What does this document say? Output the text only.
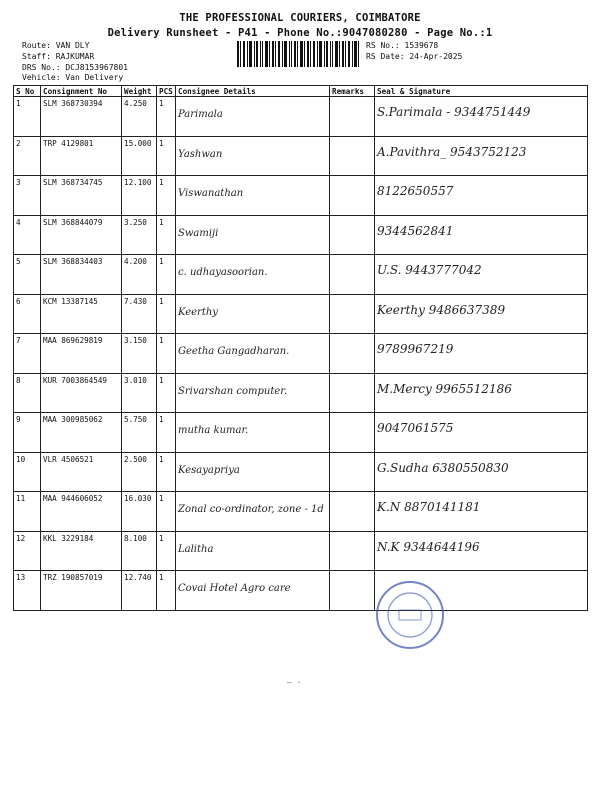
THE PROFESSIONAL COURIERS, COIMBATORE
Delivery Runsheet - P41 - Phone No.:9047080280 - Page No.:1
Route: VAN DLY
Staff: RAJKUMAR
DRS No.: DCJ8153967801
Vehicle: Van Delivery
RS No.: 1539678
RS Date: 24-Apr-2025
S No	Consignment No	Weight	PCS	Consignee Details	Remarks	Seal & Signature
1	SLM 368730394	4.250	1	Parimala		S.Parimala - 9344751449

2	TRP 4129801	15.000	1	Yashwan		A.Pavithra_ 9543752123

3	SLM 368734745	12.100	1	Viswanathan		8122650557

4	SLM 368844079	3.250	1	Swamiji		9344562841

5	SLM 368834403	4.200	1	c. udhayasoorian.		U.S. 9443777042

6	KCM 13387145	7.430	1	Keerthy		Keerthy 9486637389

7	MAA 869629819	3.150	1	Geetha Gangadharan.		9789967219

8	KUR 7003864549	3.010	1	Srivarshan computer.		M.Mercy 9965512186

9	MAA 300985062	5.750	1	mutha kumar.		9047061575

10	VLR 4506521	2.500	1	Kesayapriya		G.Sudha 6380550830

11	MAA 944606052	16.030	1	Zonal co-ordinator, zone - 1d		K.N 8870141181

12	KKL 3229184	8.100	1	Lalitha		N.K 9344644196

13	TRZ 190857019	12.740	1	Covai Hotel Agro care		

— ·
